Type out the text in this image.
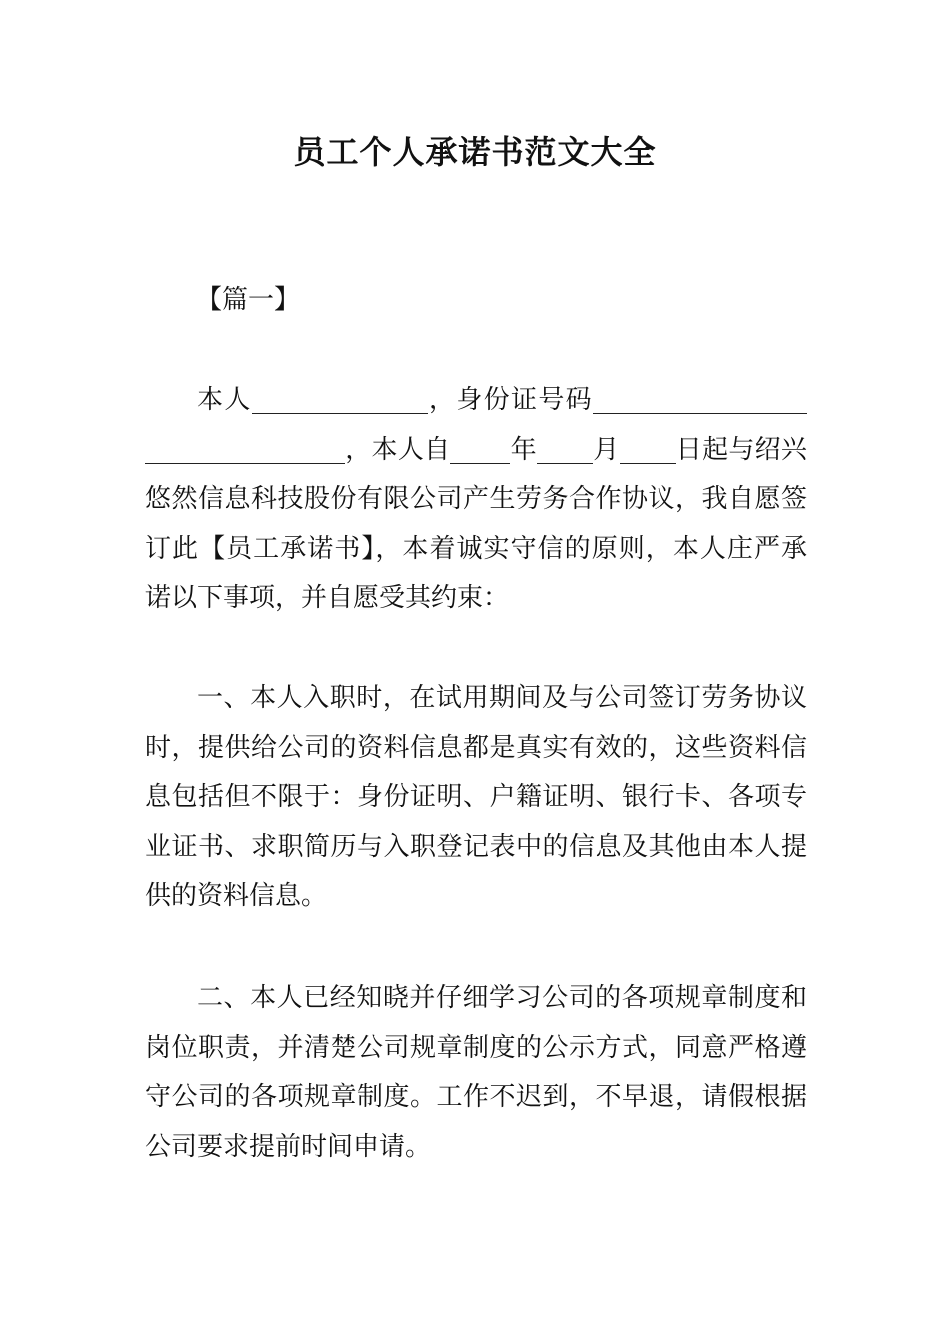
员工个人承诺书范文大全
【篇一】
本人	，身份证号码，本人自 年 月 日起与绍兴悠然信息科技股份有限公司产生劳务合作协议，我自愿签订此【员工承诺书】，本着诚实守信的原则，本人庄严承诺以下事项，并自愿受其约束：
一、本人入职时，在试用期间及与公司签订劳务协议时，提供给公司的资料信息都是真实有效的，这些资料信息包括但不限于：身份证明、户籍证明、银行卡、各项专业证书、求职简历与入职登记表中的信息及其他由本人提供的资料信息。
二、本人已经知晓并仔细学习公司的各项规章制度和岗位职责，并清楚公司规章制度的公示方式，同意严格遵守公司的各项规章制度。工作不迟到，不早退，请假根据公司要求提前时间申请。
